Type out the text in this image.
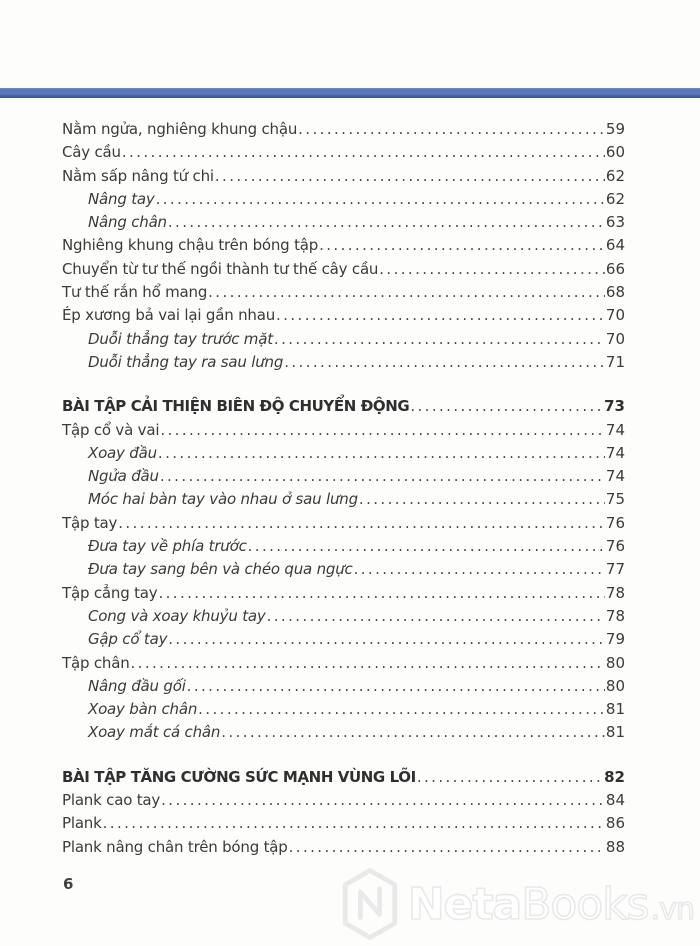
Nằm ngửa, nghiêng khung chậu .....	59
Cây cầu .....	60
Nằm sấp nâng tứ chi .....	62
Nâng tay .....	62
Nâng chân .....	63
Nghiêng khung chậu trên bóng tập .....	64
Chuyển từ tư thế ngồi thành tư thế cây cầu .....	66
Tư thế rắn hổ mang .....	68
Ép xương bả vai lại gần nhau .....	70
Duỗi thẳng tay trước mặt .....	70
Duỗi thẳng tay ra sau lưng .....	71
BÀI TẬP CẢI THIỆN BIÊN ĐỘ CHUYỂN ĐỘNG .....	73
Tập cổ và vai .....	74
Xoay đầu .....	74
Ngửa đầu .....	74
Móc hai bàn tay vào nhau ở sau lưng .....	75
Tập tay .....	76
Đưa tay về phía trước .....	76
Đưa tay sang bên và chéo qua ngực .....	77
Tập cẳng tay .....	78
Cong và xoay khuỷu tay .....	78
Gập cổ tay .....	79
Tập chân .....	80
Nâng đầu gối .....	80
Xoay bàn chân .....	81
Xoay mắt cá chân .....	81
BÀI TẬP TĂNG CƯỜNG SỨC MẠNH VÙNG LÕI .....	82
Plank cao tay .....	84
Plank .....	86
Plank nâng chân trên bóng tập .....	88
6	Neta Books .vn
